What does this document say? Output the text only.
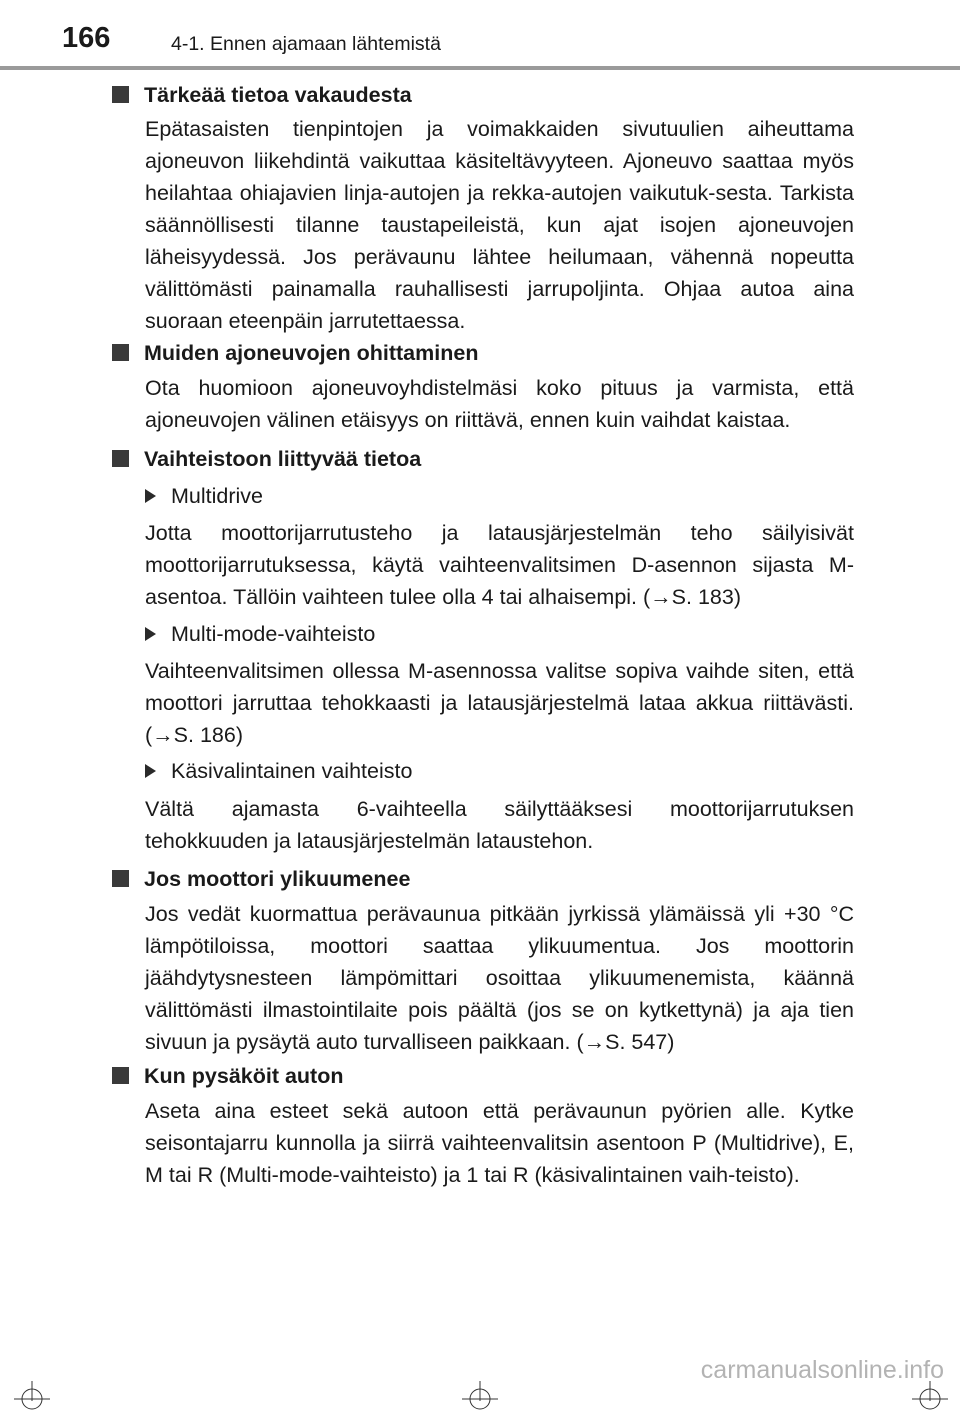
166	4-1. Ennen ajamaan lähtemistä
Tärkeää tietoa vakaudesta

Epätasaisten tienpintojen ja voimakkaiden sivutuulien aiheuttama ajoneuvon liikehdintä vaikuttaa käsiteltävyyteen. Ajoneuvo saattaa myös heilahtaa ohiajavien linja-autojen ja rekka-autojen vaikutuk-sesta. Tarkista säännöllisesti tilanne taustapeileistä, kun ajat isojen ajoneuvojen läheisyydessä. Jos perävaunu lähtee heilumaan, vähennä nopeutta välittömästi painamalla rauhallisesti jarrupoljinta. Ohjaa autoa aina suoraan eteenpäin jarrutettaessa.

Muiden ajoneuvojen ohittaminen

Ota huomioon ajoneuvoyhdistelmäsi koko pituus ja varmista, että ajoneuvojen välinen etäisyys on riittävä, ennen kuin vaihdat kaistaa.

Vaihteistoon liittyvää tietoa
Multidrive

Jotta moottorijarrutusteho ja latausjärjestelmän teho säilyisivät moottorijarrutuksessa, käytä vaihteenvalitsimen D-asennon sijasta M-asentoa. Tällöin vaihteen tulee olla 4 tai alhaisempi. (→S. 183)

Multi-mode-vaihteisto

Vaihteenvalitsimen ollessa M-asennossa valitse sopiva vaihde siten, että moottori jarruttaa tehokkaasti ja latausjärjestelmä lataa akkua riittävästi. (→S. 186)

Käsivalintainen vaihteisto

Vältä ajamasta 6-vaihteella säilyttääksesi moottorijarrutuksen tehokkuuden ja latausjärjestelmän lataustehon.

Jos moottori ylikuumenee

Jos vedät kuormattua perävaunua pitkään jyrkissä ylämäissä yli +30 °C lämpötiloissa, moottori saattaa ylikuumentua. Jos moottorin jäähdytysnesteen lämpömittari osoittaa ylikuumenemista, käännä välittömästi ilmastointilaite pois päältä (jos se on kytkettynä) ja aja tien sivuun ja pysäytä auto turvalliseen paikkaan. (→S. 547)

Kun pysäköit auton

Aseta aina esteet sekä autoon että perävaunun pyörien alle. Kytke seisontajarru kunnolla ja siirrä vaihteenvalitsin asentoon P (Multidrive), E, M tai R (Multi-mode-vaihteisto) ja 1 tai R (käsivalintainen vaih-teisto).

carmanualsonline.info
